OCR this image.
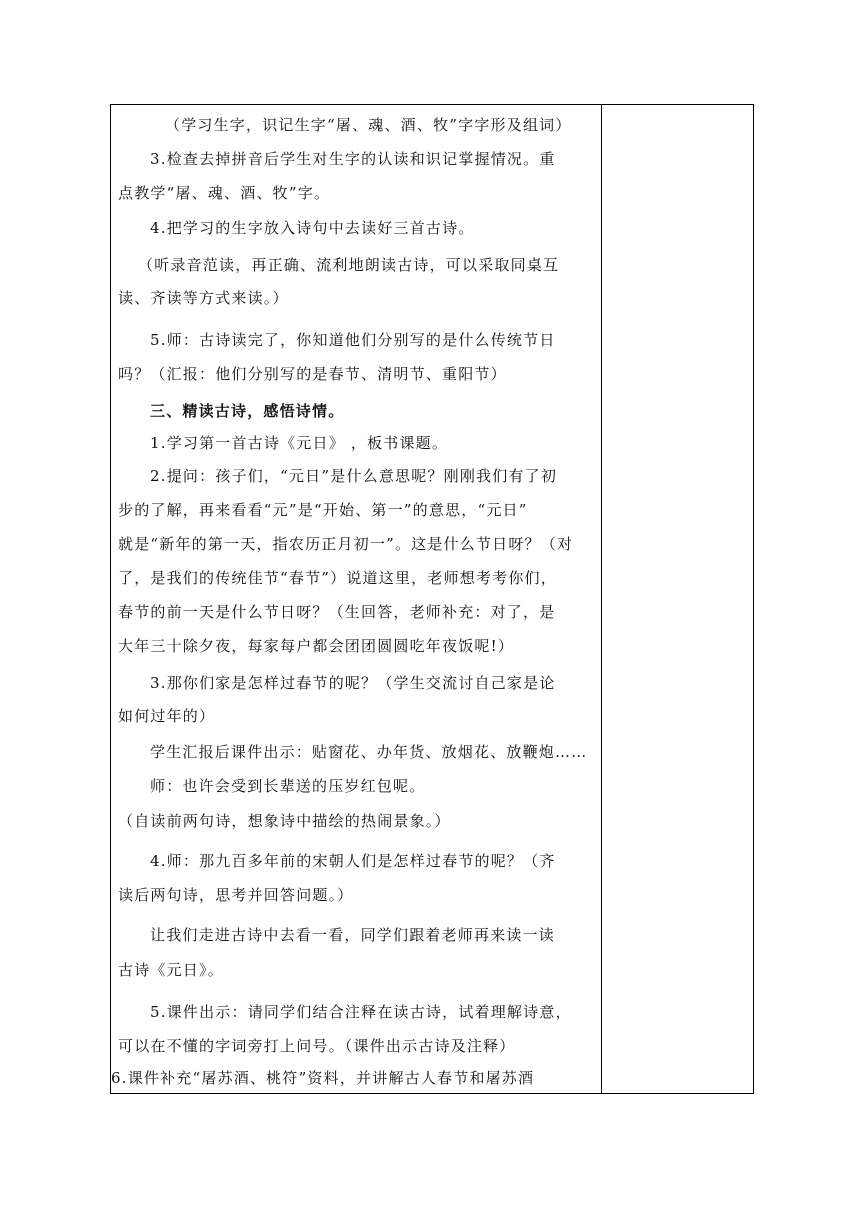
（学习生字，识记生字“屠、魂、酒、牧”字字形及组词）
3.检查去掉拼音后学生对生字的认读和识记掌握情况。重
点教学“屠、魂、酒、牧”字。
4.把学习的生字放入诗句中去读好三首古诗。
（听录音范读，再正确、流利地朗读古诗，可以采取同桌互
读、齐读等方式来读。）
5.师：古诗读完了，你知道他们分别写的是什么传统节日
吗？（汇报：他们分别写的是春节、清明节、重阳节）
三、精读古诗，感悟诗情。
1.学习第一首古诗《元日》 ，板书课题。
2.提问：孩子们，“元日”是什么意思呢？刚刚我们有了初
步的了解，再来看看“元”是“开始、第一”的意思，“元日”
就是“新年的第一天，指农历正月初一”。这是什么节日呀？（对
了，是我们的传统佳节“春节”）说道这里，老师想考考你们，
春节的前一天是什么节日呀？（生回答，老师补充：对了，是
大年三十除夕夜，每家每户都会团团圆圆吃年夜饭呢!）
3.那你们家是怎样过春节的呢？（学生交流讨自己家是论
如何过年的）
学生汇报后课件出示：贴窗花、办年货、放烟花、放鞭炮……
师：也许会受到长辈送的压岁红包呢。
（自读前两句诗，想象诗中描绘的热闹景象。）
4.师：那九百多年前的宋朝人们是怎样过春节的呢？（齐
读后两句诗，思考并回答问题。）
让我们走进古诗中去看一看，同学们跟着老师再来读一读
古诗《元日》。
5.课件出示：请同学们结合注释在读古诗，试着理解诗意，
可以在不懂的字词旁打上问号。（课件出示古诗及注释）
6.课件补充“屠苏酒、桃符”资料，并讲解古人春节和屠苏酒
